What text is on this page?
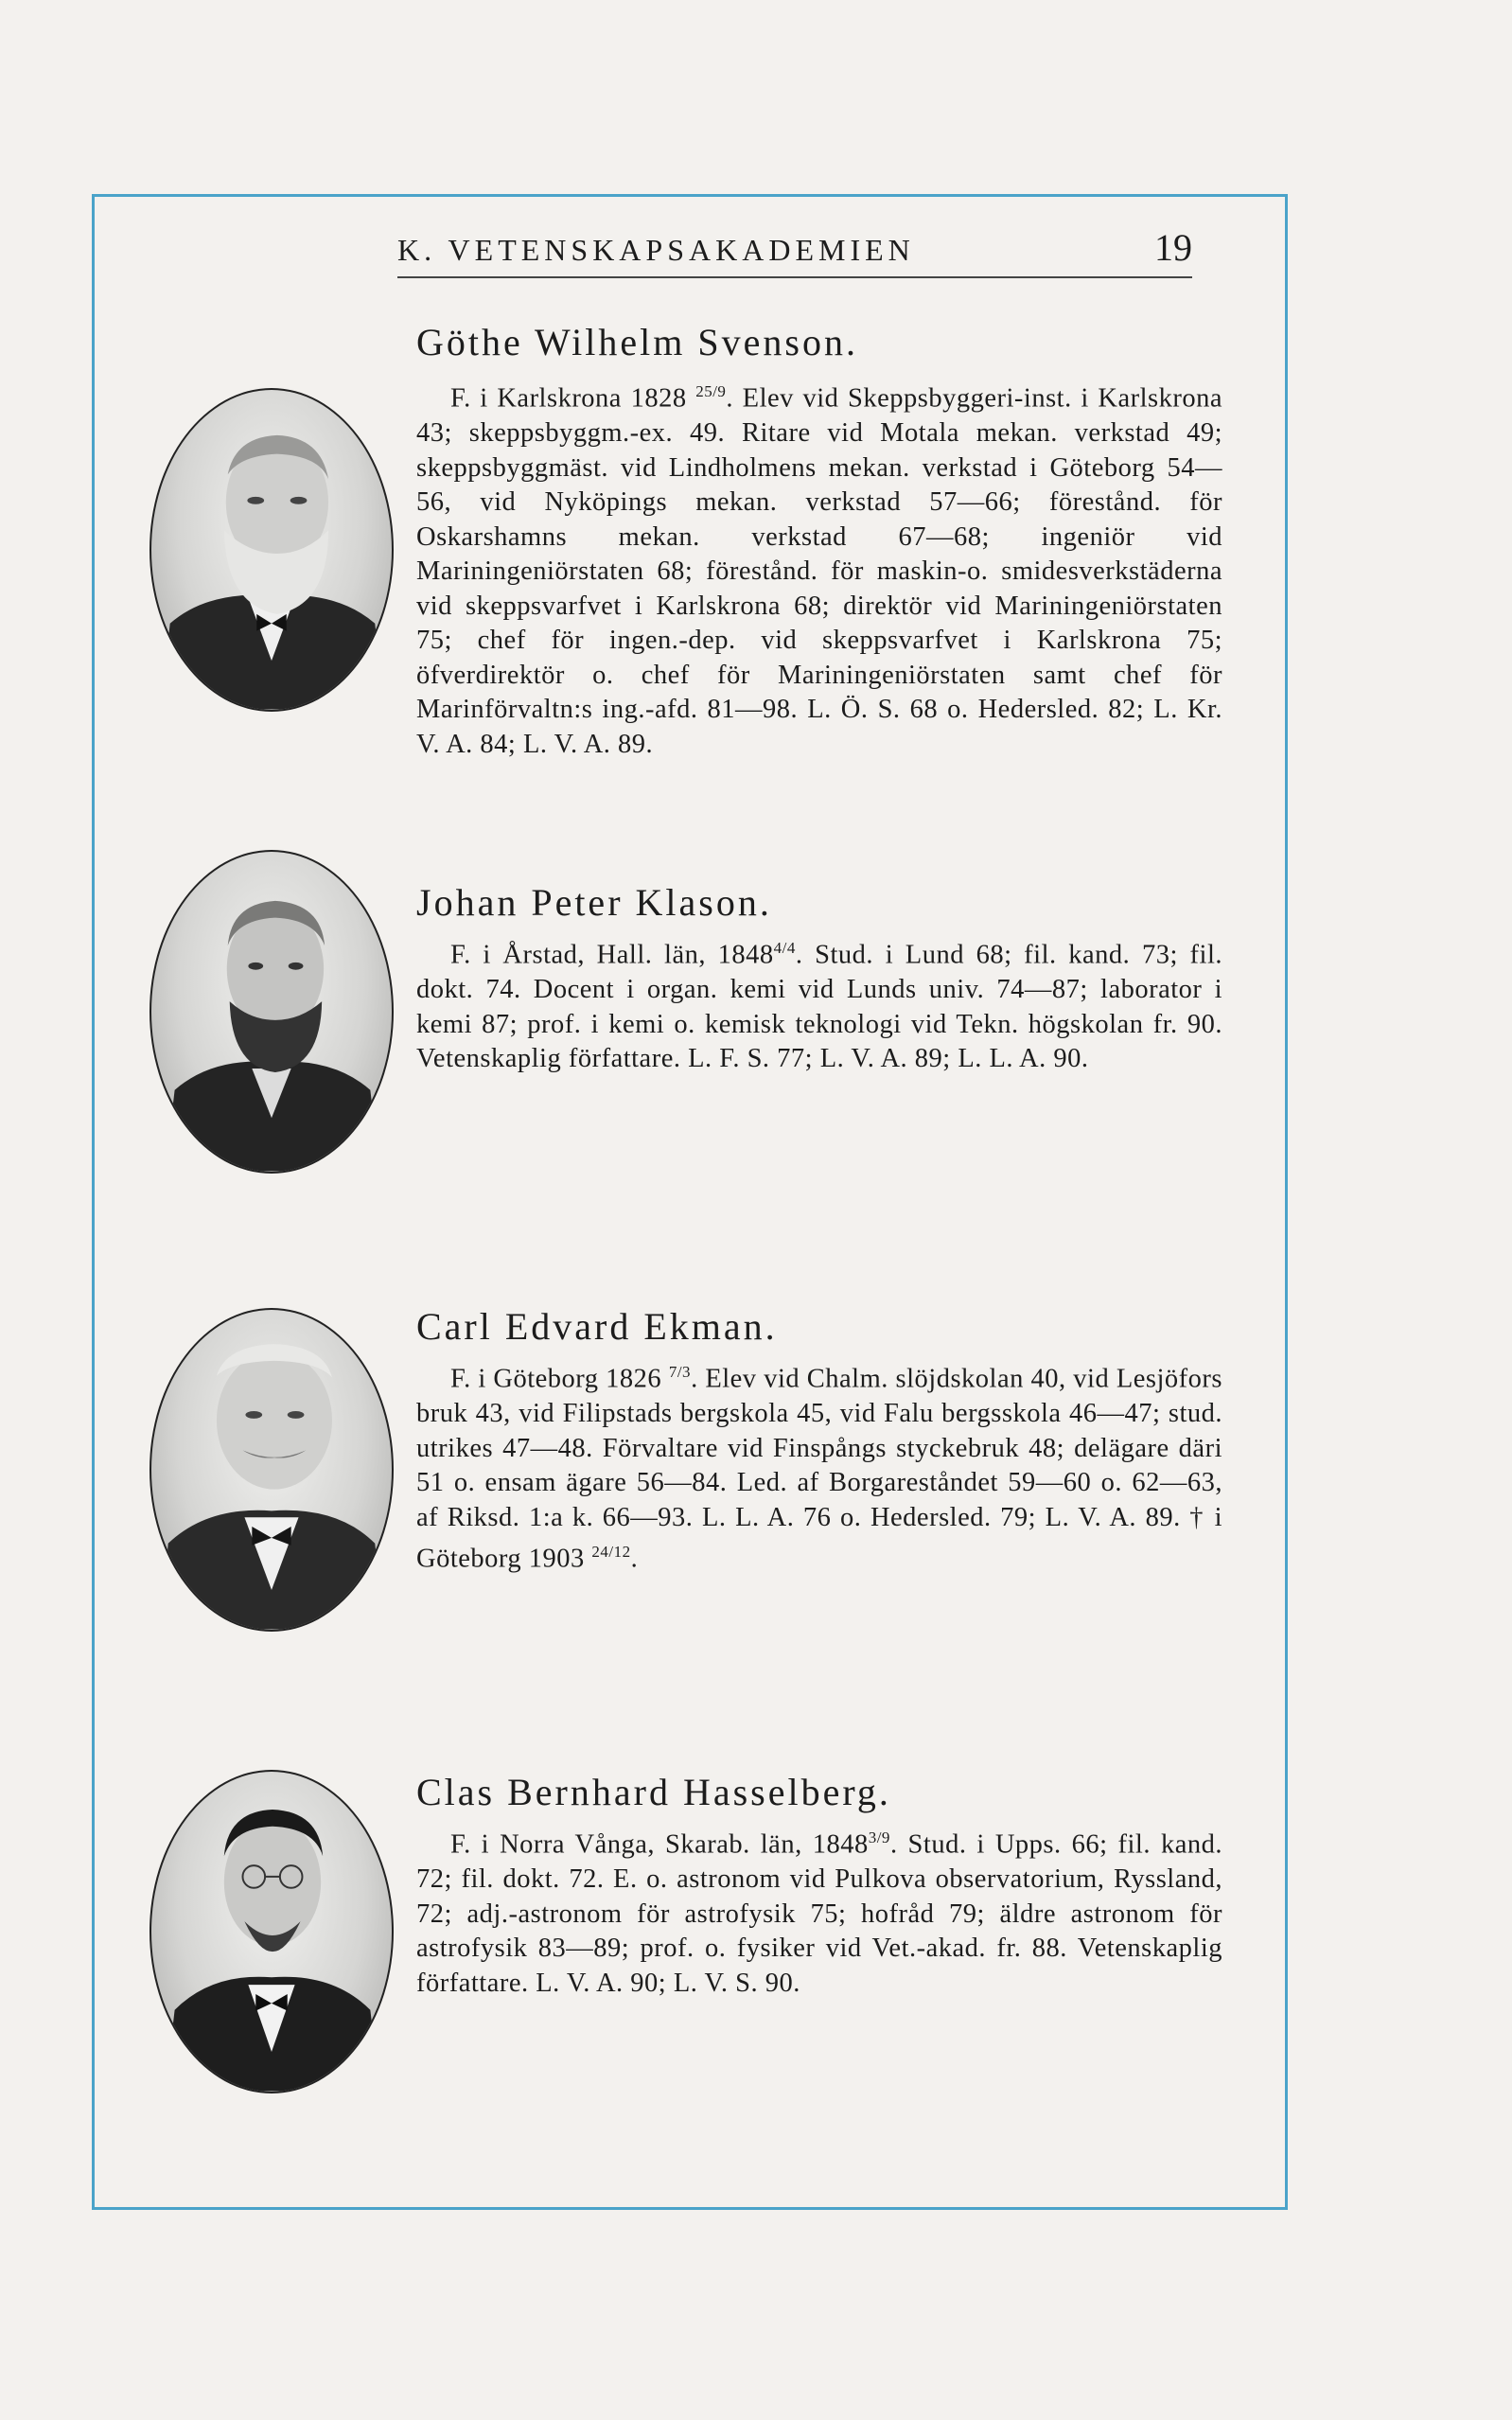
K. VETENSKAPSAKADEMIEN	19
Göthe Wilhelm Svenson.
F. i Karlskrona 1828 $^{25/9}$. Elev vid Skeppsbyggeri-inst. i Karlskrona 43; skeppsbyggm.-ex. 49. Ritare vid Motala mekan. verkstad 49; skeppsbyggmäst. vid Lindholmens mekan. verkstad i Göteborg 54—56, vid Nyköpings mekan. verkstad 57—66; förestånd. för Oskarshamns mekan. verkstad 67—68; ingeniör vid Mariningeniörstaten 68; förestånd. för maskin-o. smidesverkstäderna vid skeppsvarfvet i Karlskrona 68; direktör vid Mariningeniörstaten 75; chef för ingen.-dep. vid skeppsvarfvet i Karlskrona 75; öfverdirektör o. chef för Mariningeniörstaten samt chef för Marinförvaltn:s ing.-afd. 81—98. L. Ö. S. 68 o. Hedersled. 82; L. Kr. V. A. 84; L. V. A. 89.
Johan Peter Klason.
F. i Årstad, Hall. län, $1848^{4/4}$. Stud. i Lund 68; fil. kand. 73; fil. dokt. 74. Docent i organ. kemi vid Lunds univ. 74—87; laborator i kemi 87; prof. i kemi o. kemisk teknologi vid Tekn. högskolan fr. 90. Vetenskaplig författare. L. F. S. 77; L. V. A. 89; L. L. A. 90.
Carl Edvard Ekman.
F. i Göteborg 1826 $^{7/3}$. Elev vid Chalm. slöjdskolan 40, vid Lesjöfors bruk 43, vid Filipstads bergskola 45, vid Falu bergsskola 46—47; stud. utrikes 47—48. Förvaltare vid Finspångs styckebruk 48; delägare däri 51 o. ensam ägare 56—84. Led. af Borgareståndet 59—60 o. 62—63, af Riksd. 1:a k. 66—93. L. L. A. 76 o. Hedersled. 79; L. V. A. 89. † i Göteborg 1903 $^{24/12}$.
Clas Bernhard Hasselberg.
F. i Norra Vånga, Skarab. län, $1848^{3/9}$. Stud. i Upps. 66; fil. kand. 72; fil. dokt. 72. E. o. astronom vid Pulkova observatorium, Ryssland, 72; adj.-astronom för astrofysik 75; hofråd 79; äldre astronom för astrofysik 83—89; prof. o. fysiker vid Vet.-akad. fr. 88. Vetenskaplig författare. L. V. A. 90; L. V. S. 90.
